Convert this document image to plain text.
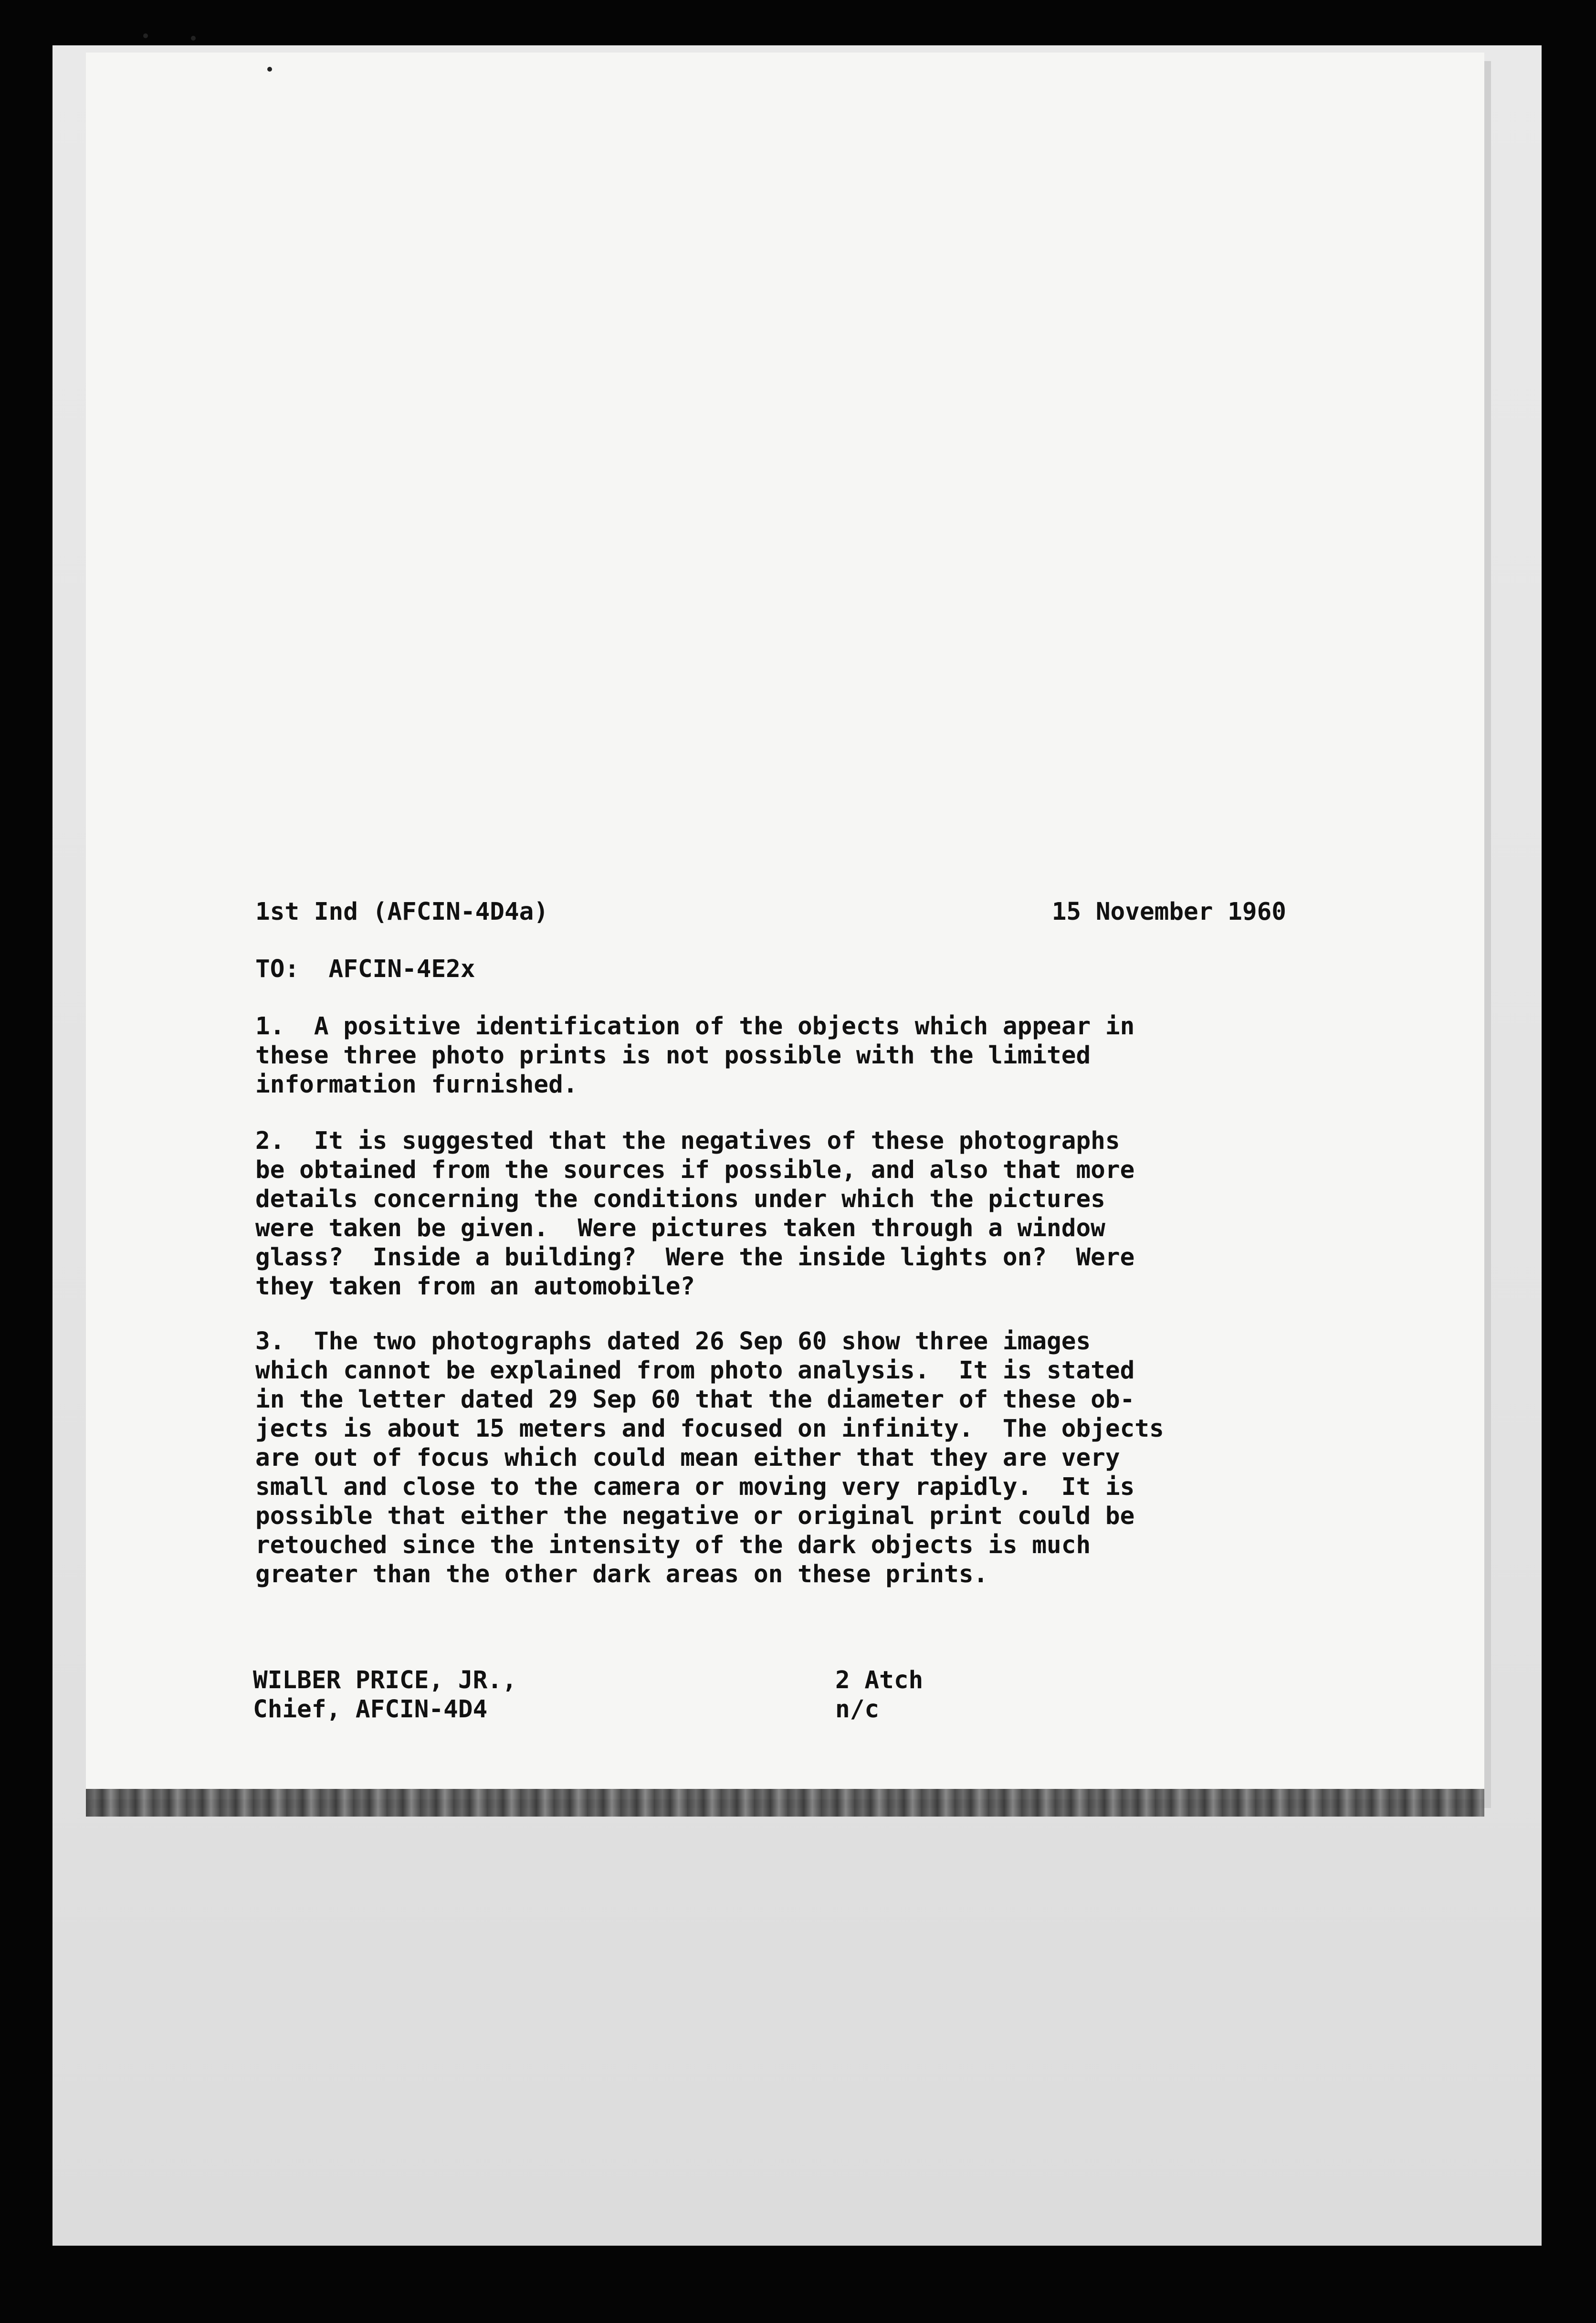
1st Ind (AFCIN-4D4a)

	15 November 1960

TO:  AFCIN-4E2x
1.  A positive identification of the objects which appear in
these three photo prints is not possible with the limited
information furnished.
2.  It is suggested that the negatives of these photographs
be obtained from the sources if possible, and also that more
details concerning the conditions under which the pictures
were taken be given.  Were pictures taken through a window
glass?  Inside a building?  Were the inside lights on?  Were
they taken from an automobile?
3.  The two photographs dated 26 Sep 60 show three images
which cannot be explained from photo analysis.  It is stated
in the letter dated 29 Sep 60 that the diameter of these ob-
jects is about 15 meters and focused on infinity.  The objects
are out of focus which could mean either that they are very
small and close to the camera or moving very rapidly.  It is
possible that either the negative or original print could be
retouched since the intensity of the dark objects is much
greater than the other dark areas on these prints.
WILBER PRICE, JR.,
Chief, AFCIN-4D4
2 Atch
n/c
